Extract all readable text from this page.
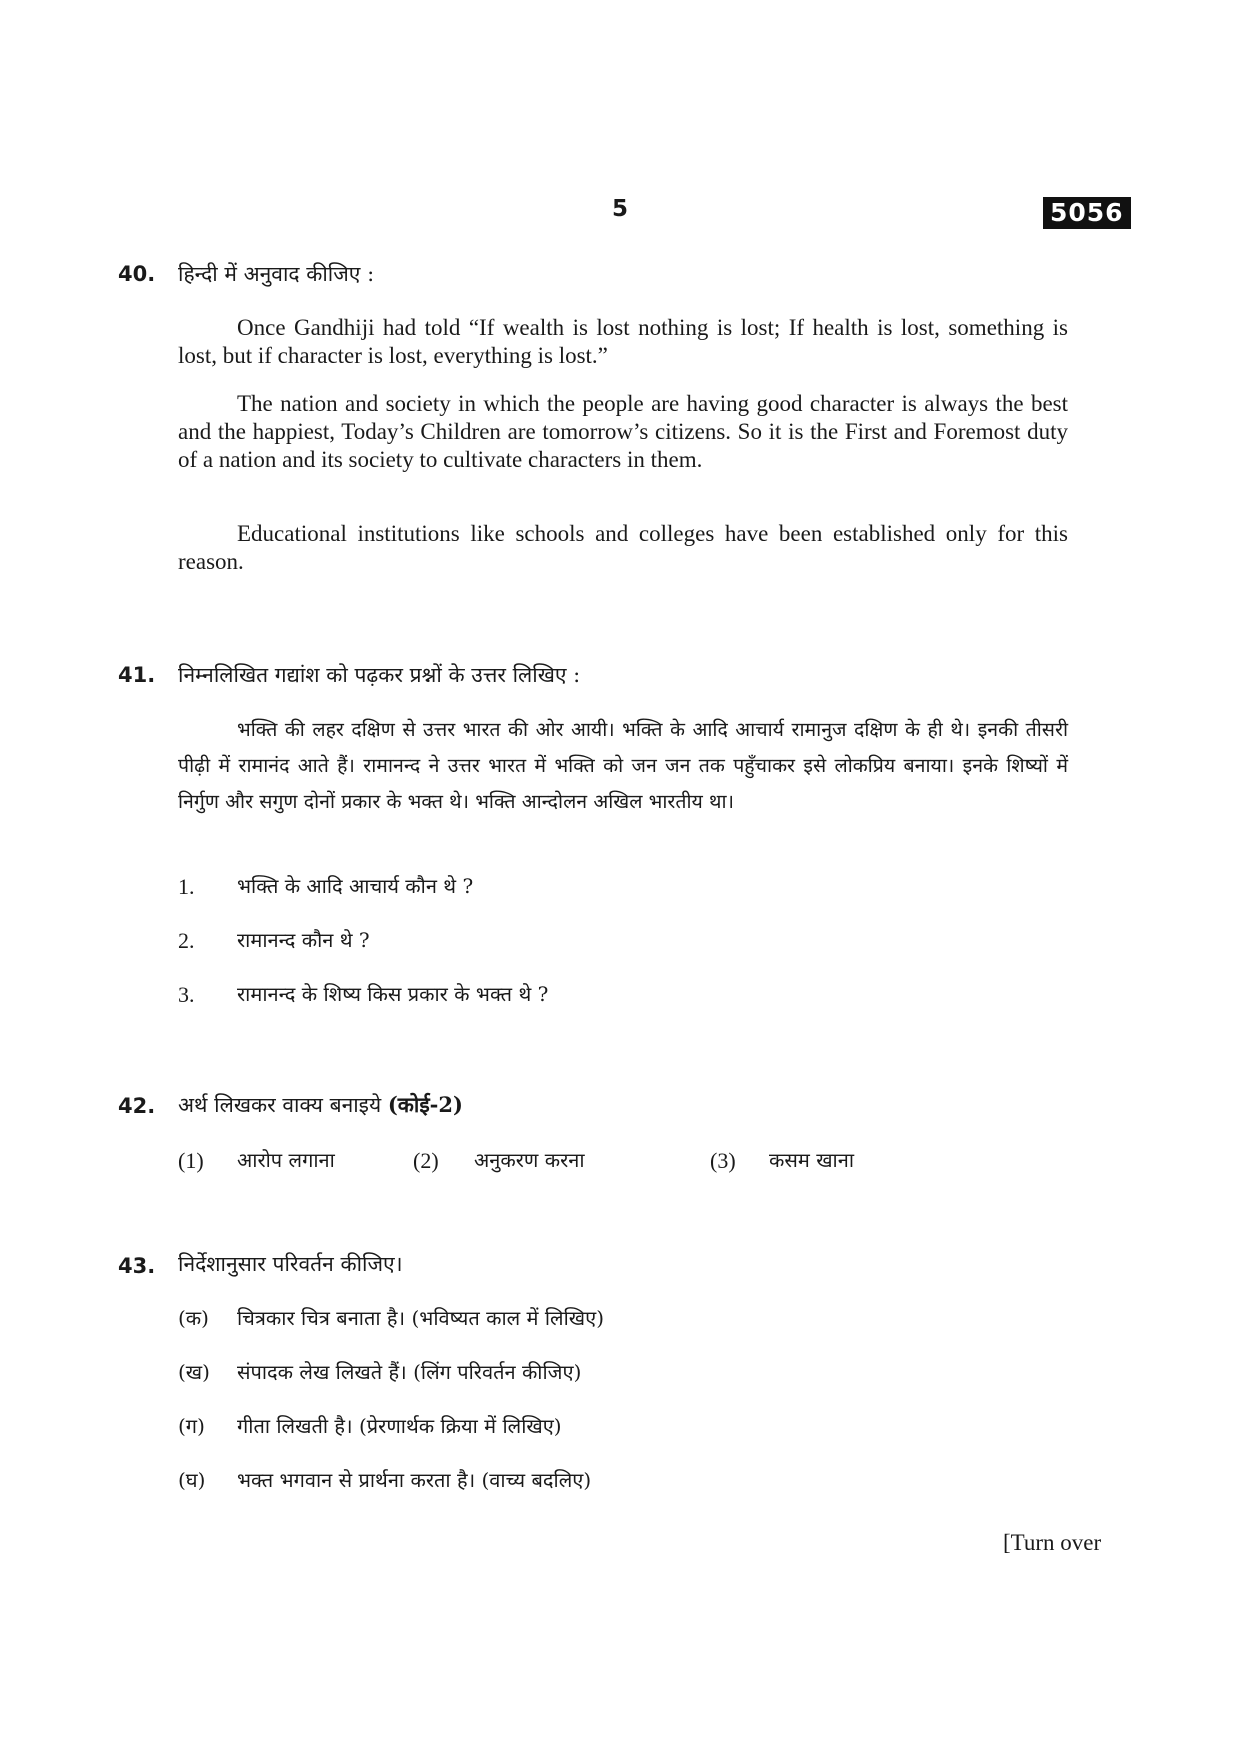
5	5056
40. हिन्दी में अनुवाद कीजिए :

Once Gandhiji had told “If wealth is lost nothing is lost; If health is lost, something is lost, but if character is lost, everything is lost.”

The nation and society in which the people are having good character is always the best and the happiest, Today’s Children are tomorrow’s citizens. So it is the First and Foremost duty of a nation and its society to cultivate characters in them.

Educational institutions like schools and colleges have been established only for this reason.

41. निम्नलिखित गद्यांश को पढ़कर प्रश्नों के उत्तर लिखिए :

भक्ति की लहर दक्षिण से उत्तर भारत की ओर आयी। भक्ति के आदि आचार्य रामानुज दक्षिण के ही थे। इनकी तीसरी पीढ़ी में रामानंद आते हैं। रामानन्द ने उत्तर भारत में भक्ति को जन जन तक पहुँचाकर इसे लोकप्रिय बनाया। इनके शिष्यों में निर्गुण और सगुण दोनों प्रकार के भक्त थे। भक्ति आन्दोलन अखिल भारतीय था।

1. भक्ति के आदि आचार्य कौन थे ?
2. रामानन्द कौन थे ?
3. रामानन्द के शिष्य किस प्रकार के भक्त थे ?
42. अर्थ लिखकर वाक्य बनाइये (कोई-2)
(1) आरोप लगाना	(2) अनुकरण करना	(3) कसम खाना
43. निर्देशानुसार परिवर्तन कीजिए।
(क) चित्रकार चित्र बनाता है। (भविष्यत काल में लिखिए)
(ख) संपादक लेख लिखते हैं। (लिंग परिवर्तन कीजिए)
(ग) गीता लिखती है। (प्रेरणार्थक क्रिया में लिखिए)
(घ) भक्त भगवान से प्रार्थना करता है। (वाच्य बदलिए)
[Turn over
